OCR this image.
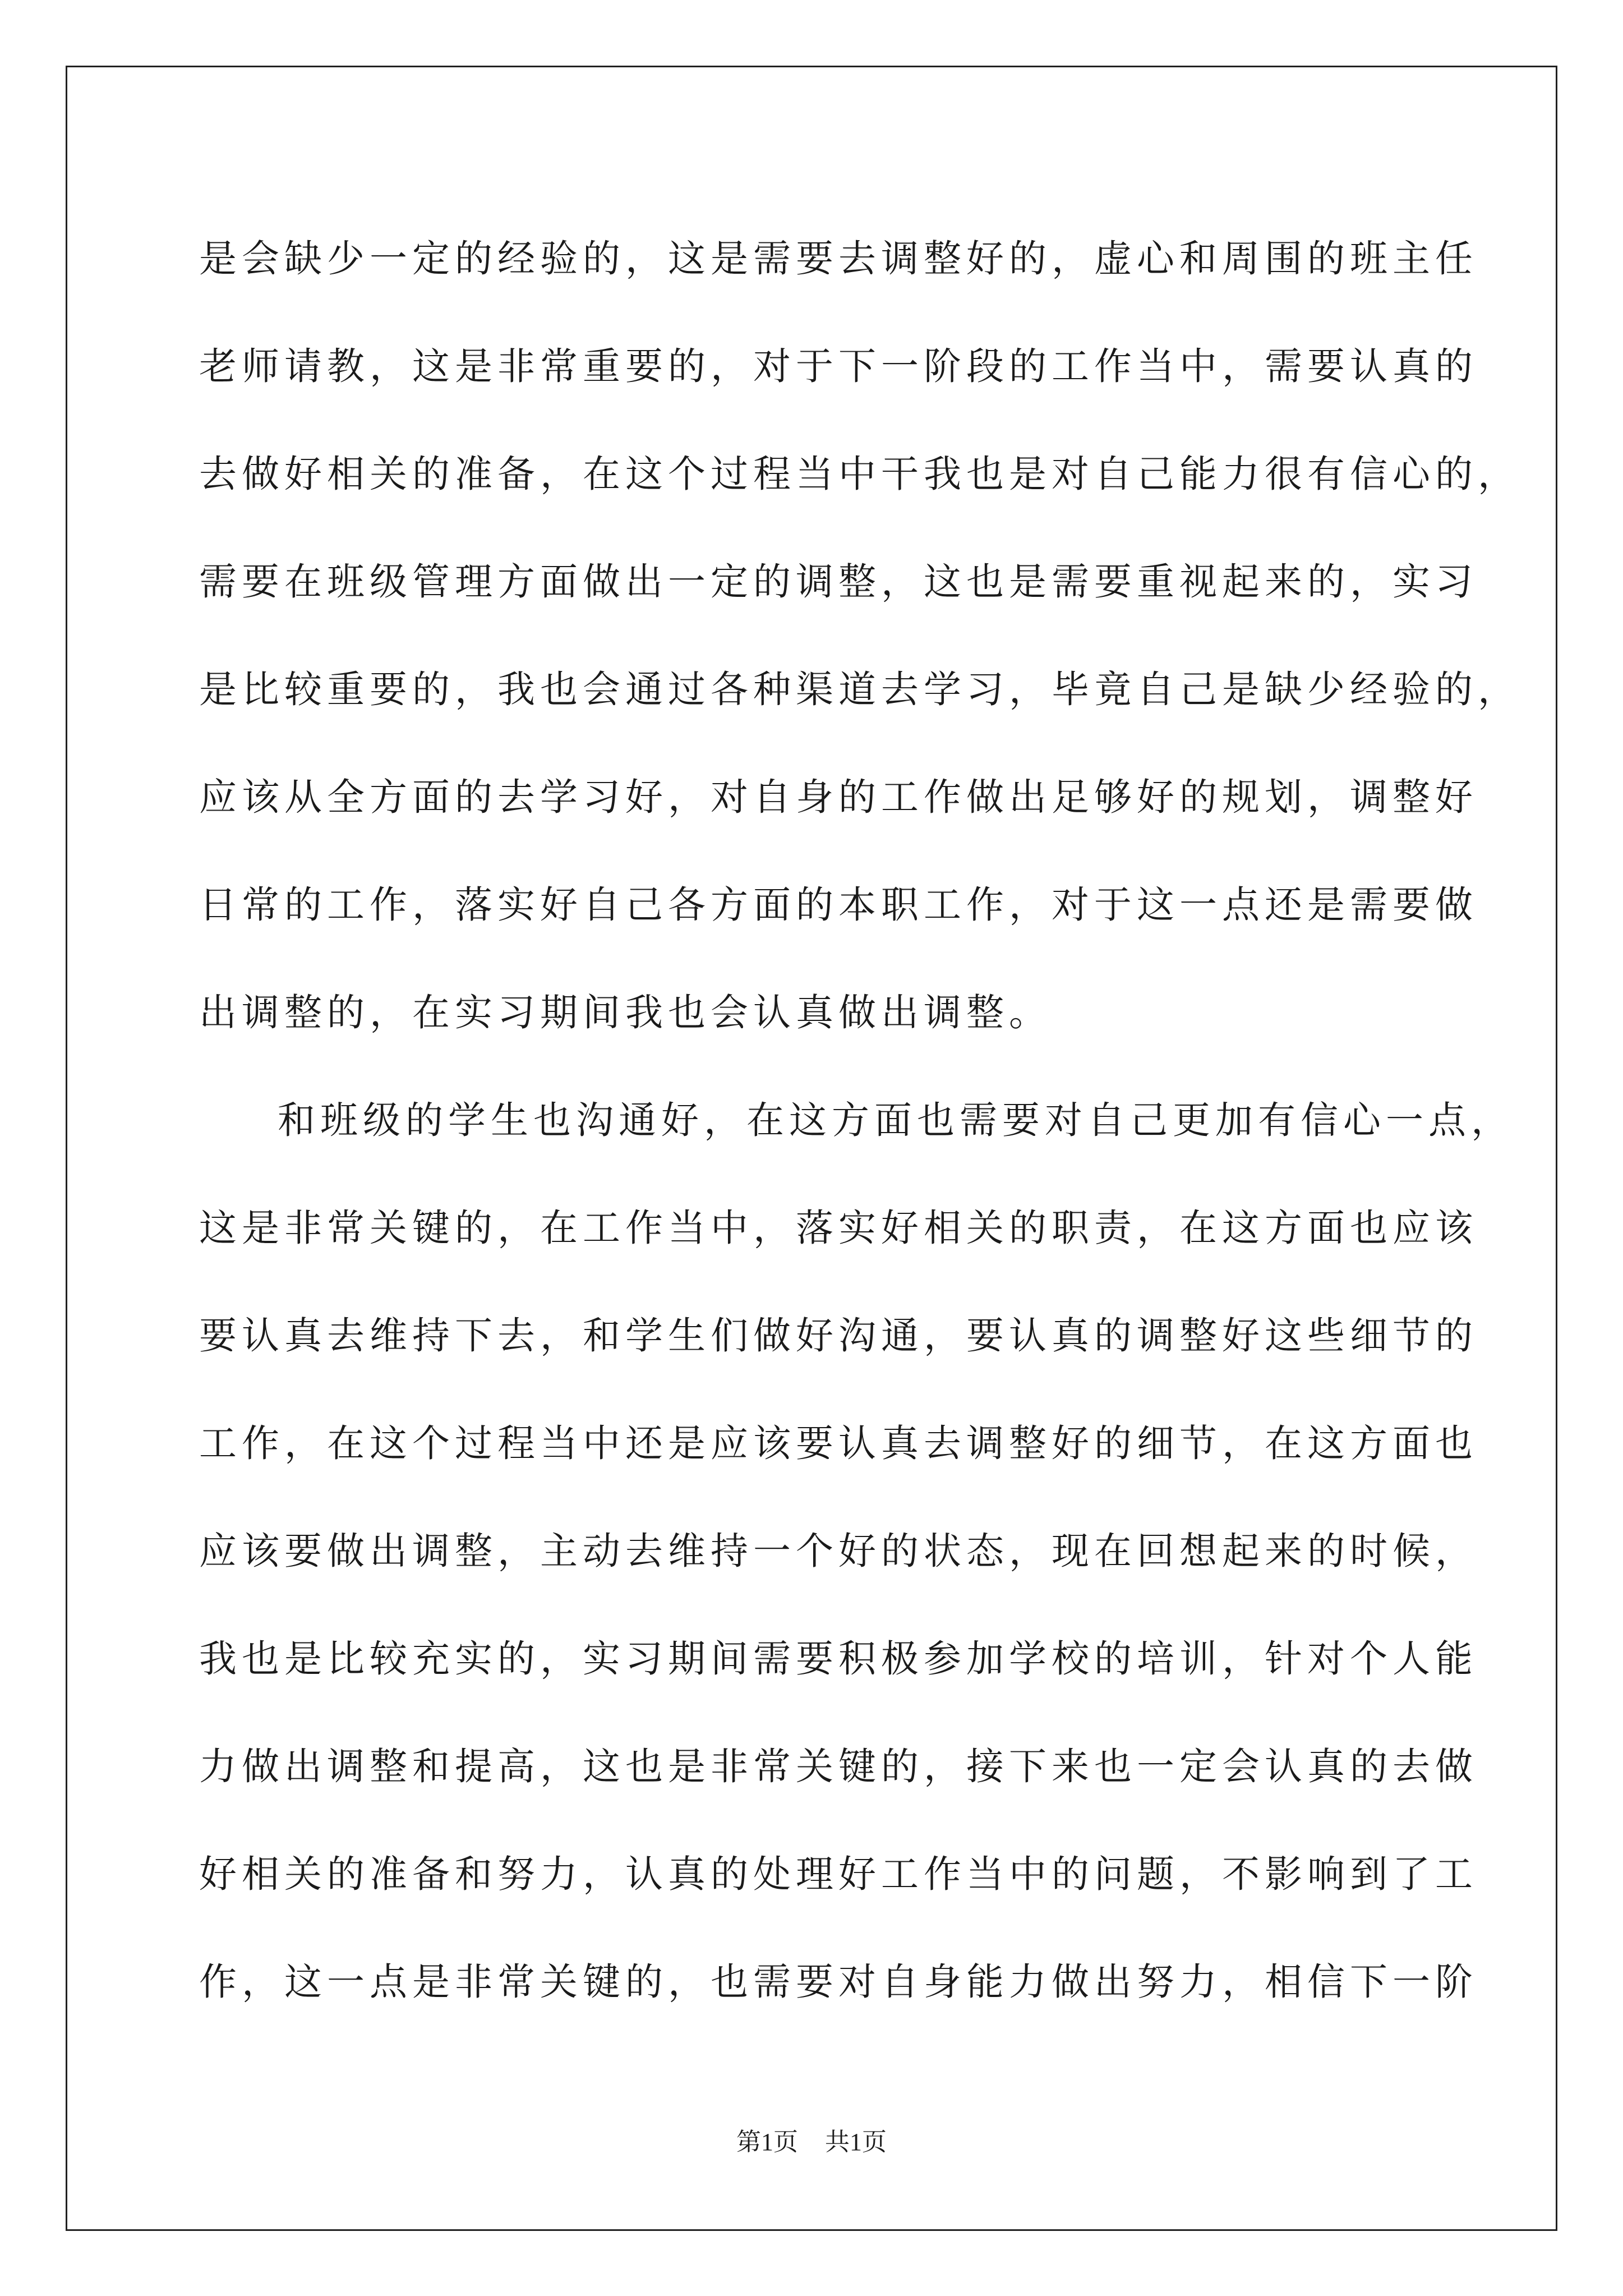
是会缺少一定的经验的，这是需要去调整好的，虚心和周围的班主任
老师请教，这是非常重要的，对于下一阶段的工作当中，需要认真的
去做好相关的准备，在这个过程当中干我也是对自己能力很有信心的，
需要在班级管理方面做出一定的调整，这也是需要重视起来的，实习
是比较重要的，我也会通过各种渠道去学习，毕竟自己是缺少经验的，
应该从全方面的去学习好，对自身的工作做出足够好的规划，调整好
日常的工作，落实好自己各方面的本职工作，对于这一点还是需要做
出调整的，在实习期间我也会认真做出调整。
和班级的学生也沟通好，在这方面也需要对自己更加有信心一点，
这是非常关键的，在工作当中，落实好相关的职责，在这方面也应该
要认真去维持下去，和学生们做好沟通，要认真的调整好这些细节的
工作，在这个过程当中还是应该要认真去调整好的细节，在这方面也
应该要做出调整，主动去维持一个好的状态，现在回想起来的时候，
我也是比较充实的，实习期间需要积极参加学校的培训，针对个人能
力做出调整和提高，这也是非常关键的，接下来也一定会认真的去做
好相关的准备和努力，认真的处理好工作当中的问题，不影响到了工
作，这一点是非常关键的，也需要对自身能力做出努力，相信下一阶
第1页 共1页
